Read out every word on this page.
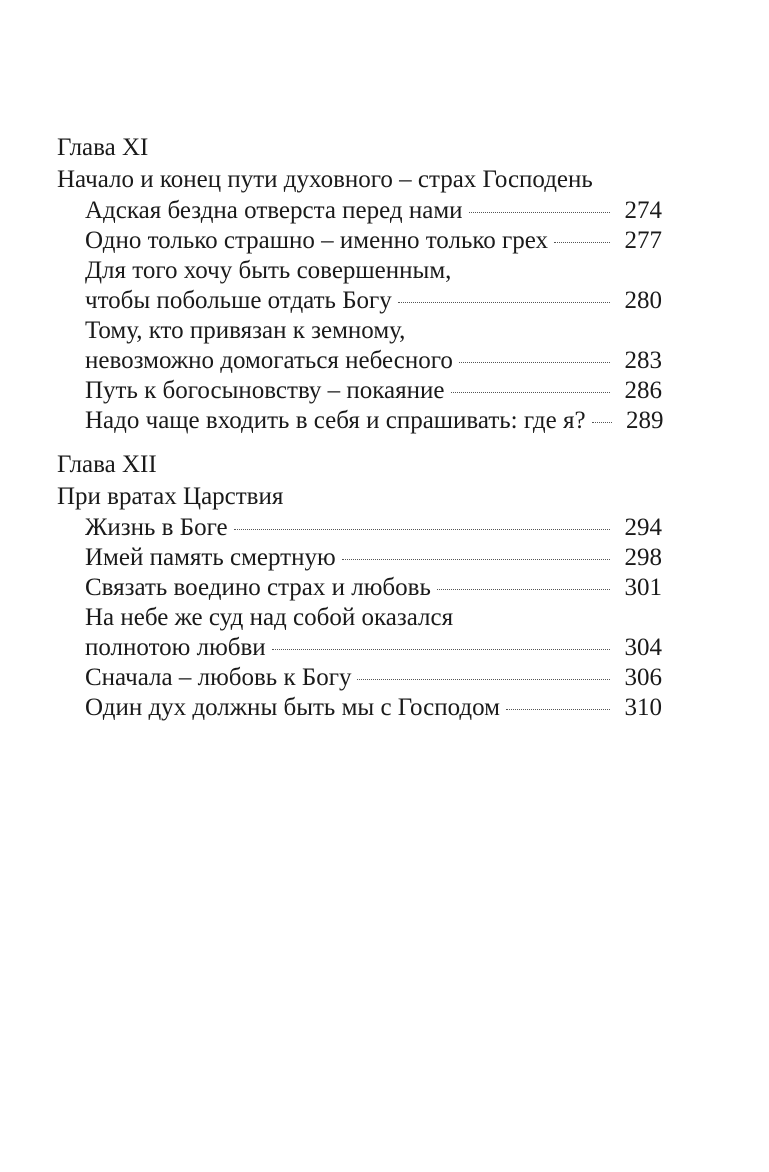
Глава XI
Начало и конец пути духовного – страх Господень
Адская бездна отверста перед нами	274
Одно только страшно – именно только грех	277
Для того хочу быть совершенным,
чтобы побольше отдать Богу	280
Тому, кто привязан к земному,
невозможно домогаться небесного	283
Путь к богосыновству – покаяние	286
Надо чаще входить в себя и спрашивать: где я? 289
Глава XII
При вратах Царствия
Жизнь в Боге	294
Имей память смертную	298
Связать воедино страх и любовь	301
На небе же суд над собой оказался
полнотою любви	304
Сначала – любовь к Богу	306
Один дух должны быть мы с Господом	310
